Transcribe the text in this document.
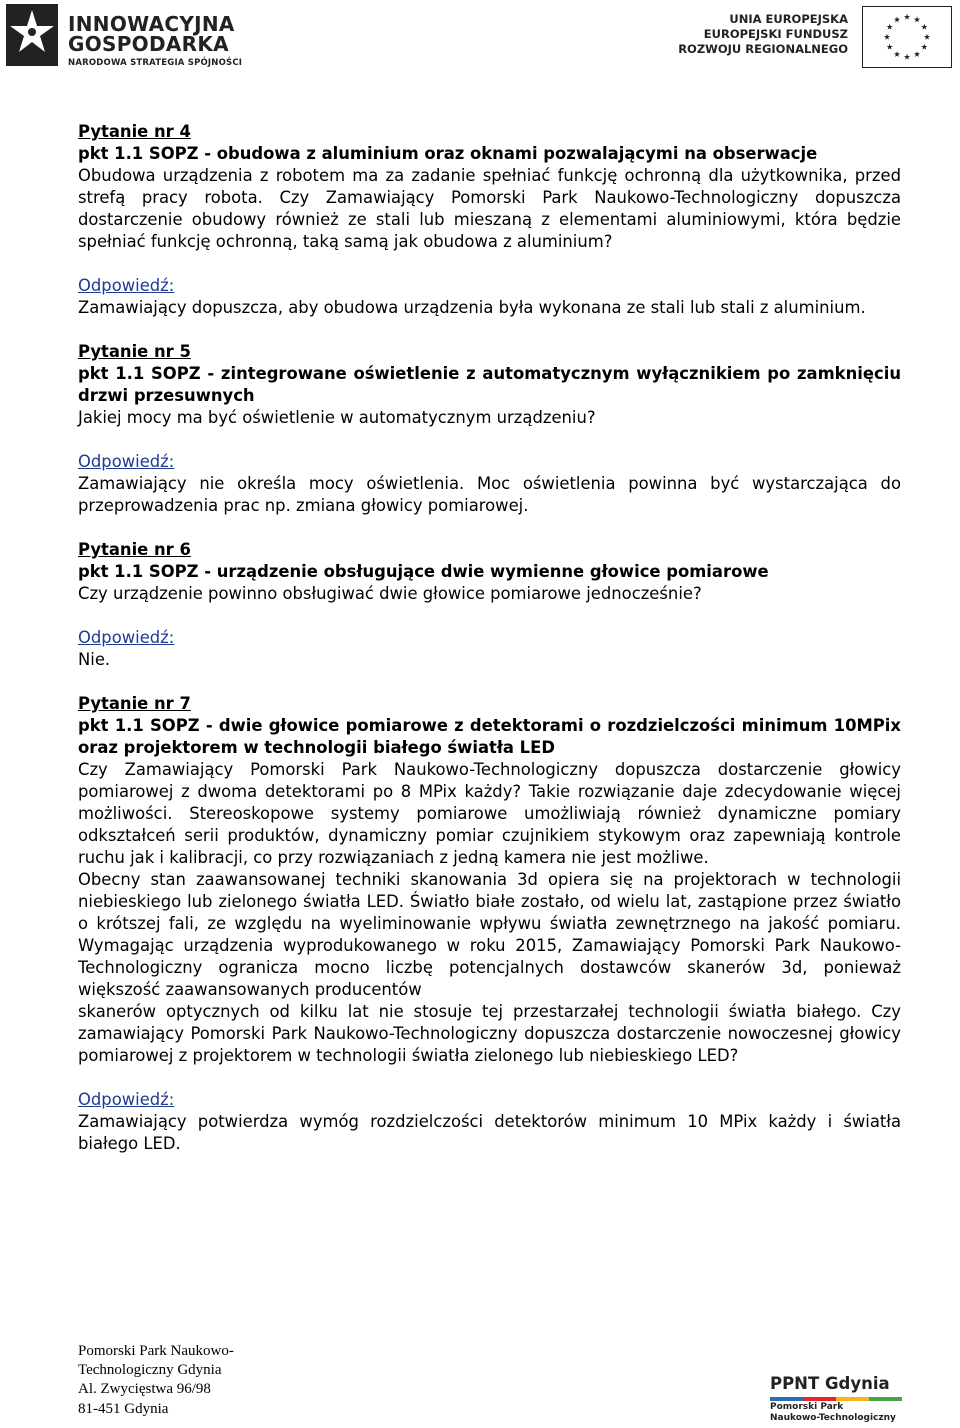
INNOWACYJNA
GOSPODARKA
NARODOWA STRATEGIA SPÓJNOŚCI
UNIA EUROPEJSKA
EUROPEJSKI FUNDUSZ
ROZWOJU REGIONALNEGO

Pytanie nr 4

pkt 1.1 SOPZ - obudowa z aluminium oraz oknami pozwalającymi na obserwacje

Obudowa urządzenia z robotem ma za zadanie spełniać funkcję ochronną dla użytkownika, przed strefą pracy robota. Czy Zamawiający Pomorski Park Naukowo-Technologiczny dopuszcza dostarczenie obudowy również ze stali lub mieszaną z elementami aluminiowymi, która będzie spełniać funkcję ochronną, taką samą jak obudowa z aluminium?

Odpowiedź:

Zamawiający dopuszcza, aby obudowa urządzenia była wykonana ze stali lub stali z aluminium.

Pytanie nr 5

pkt 1.1 SOPZ - zintegrowane oświetlenie z automatycznym wyłącznikiem po zamknięciu drzwi przesuwnych

Jakiej mocy ma być oświetlenie w automatycznym urządzeniu?

Odpowiedź:

Zamawiający nie określa mocy oświetlenia. Moc oświetlenia powinna być wystarczająca do przeprowadzenia prac np. zmiana głowicy pomiarowej.

Pytanie nr 6

pkt 1.1 SOPZ - urządzenie obsługujące dwie wymienne głowice pomiarowe

Czy urządzenie powinno obsługiwać dwie głowice pomiarowe jednocześnie?

Odpowiedź:

Nie.

Pytanie nr 7

pkt 1.1 SOPZ - dwie głowice pomiarowe z detektorami o rozdzielczości minimum 10MPix oraz projektorem w technologii białego światła LED

Czy Zamawiający Pomorski Park Naukowo-Technologiczny dopuszcza dostarczenie głowicy pomiarowej z dwoma detektorami po 8 MPix każdy? Takie rozwiązanie daje zdecydowanie więcej możliwości. Stereoskopowe systemy pomiarowe umożliwiają również dynamiczne pomiary odkształceń serii produktów, dynamiczny pomiar czujnikiem stykowym oraz zapewniają kontrole ruchu jak i kalibracji, co przy rozwiązaniach z jedną kamera nie jest możliwe.

Obecny stan zaawansowanej techniki skanowania 3d opiera się na projektorach w technologii niebieskiego lub zielonego światła LED. Światło białe zostało, od wielu lat, zastąpione przez światło o krótszej fali, ze względu na wyeliminowanie wpływu światła zewnętrznego na jakość pomiaru. Wymagając urządzenia wyprodukowanego w roku 2015, Zamawiający Pomorski Park Naukowo-Technologiczny ogranicza mocno liczbę potencjalnych dostawców skanerów 3d, ponieważ większość zaawansowanych producentów

skanerów optycznych od kilku lat nie stosuje tej przestarzałej technologii światła białego. Czy zamawiający Pomorski Park Naukowo-Technologiczny dopuszcza dostarczenie nowoczesnej głowicy pomiarowej z projektorem w technologii światła zielonego lub niebieskiego LED?

Odpowiedź:

Zamawiający potwierdza wymóg rozdzielczości detektorów minimum 10 MPix każdy i światła białego LED.

Pomorski Park Naukowo-
Technologiczny Gdynia
Al. Zwycięstwa 96/98
81-451 Gdynia
PPNT Gdynia
Pomorski Park
Naukowo-Technologiczny
